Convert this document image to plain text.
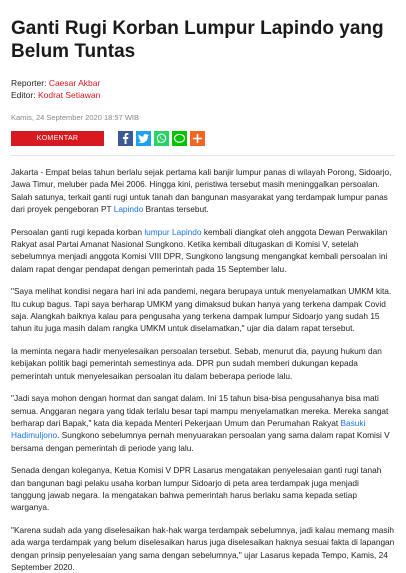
Ganti Rugi Korban Lumpur Lapindo yang Belum Tuntas
Reporter: Caesar Akbar
Editor: Kodrat Setiawan
Kamis, 24 September 2020 18:57 WIB
KOMENTAR

Jakarta - Empat belas tahun berlalu sejak pertama kali banjir lumpur panas di wilayah Porong, Sidoarjo, Jawa Timur, meluber pada Mei 2006. Hingga kini, peristiwa tersebut masih meninggalkan persoalan. Salah satunya, terkait ganti rugi untuk tanah dan bangunan masyarakat yang terdampak lumpur panas dari proyek pengeboran PT Lapindo Brantas tersebut.

Persoalan ganti rugi kepada korban lumpur Lapindo kembali diangkat oleh anggota Dewan Perwakilan Rakyat asal Partai Amanat Nasional Sungkono. Ketika kembali ditugaskan di Komisi V, setelah sebelumnya menjadi anggota Komisi VIII DPR, Sungkono langsung mengangkat kembali persoalan ini dalam rapat dengar pendapat dengan pemerintah pada 15 September lalu.

"Saya melihat kondisi negara hari ini ada pandemi, negara berupaya untuk menyelamatkan UMKM kita. Itu cukup bagus. Tapi saya berharap UMKM yang dimaksud bukan hanya yang terkena dampak Covid saja. Alangkah baiknya kalau para pengusaha yang terkena dampak lumpur Sidoarjo yang sudah 15 tahun itu juga masih dalam rangka UMKM untuk diselamatkan," ujar dia dalam rapat tersebut.

Ia meminta negara hadir menyelesaikan persoalan tersebut. Sebab, menurut dia, payung hukum dan kebijakan politik bagi pemerintah semestinya ada. DPR pun sudah memberi dukungan kepada pemerintah untuk menyelesaikan persoalan itu dalam beberapa periode lalu.

"Jadi saya mohon dengan hormat dan sangat dalam. Ini 15 tahun bisa-bisa pengusahanya bisa mati semua. Anggaran negara yang tidak terlalu besar tapi mampu menyelamatkan mereka. Mereka sangat berharap dari Bapak," kata dia kepada Menteri Pekerjaan Umum dan Perumahan Rakyat Basuki Hadimuljono. Sungkono sebelumnya pernah menyuarakan persoalan yang sama dalam rapat Komisi V bersama dengan pemerintah di periode yang lalu.

Senada dengan koleganya, Ketua Komisi V DPR Lasarus mengatakan penyelesaian ganti rugi tanah dan bangunan bagi pelaku usaha korban lumpur Sidoarjo di peta area terdampak juga menjadi tanggung jawab negara. Ia mengatakan bahwa pemerintah harus berlaku sama kepada setiap warganya.

"Karena sudah ada yang diselesaikan hak-hak warga terdampak sebelumnya, jadi kalau memang masih ada warga terdampak yang belum diselesaikan harus juga diselesaikan haknya sesuai fakta di lapangan dengan prinsip penyelesaian yang sama dengan sebelumnya," ujar Lasarus kepada Tempo, Kamis, 24 September 2020.
